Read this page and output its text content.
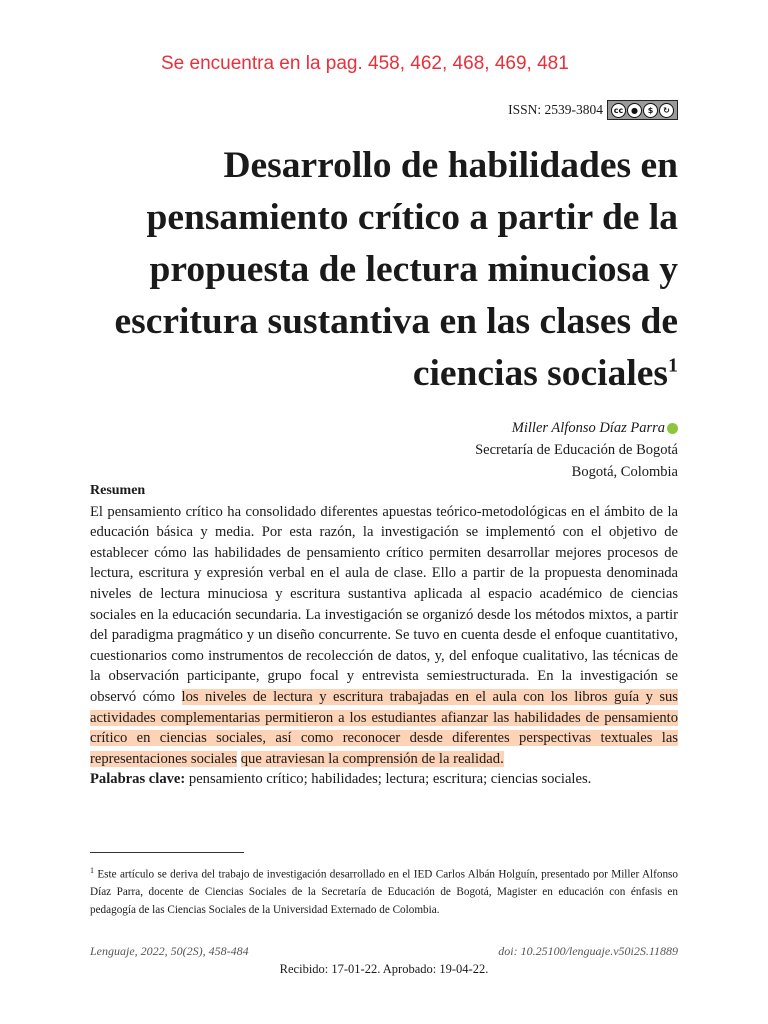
Se encuentra en la pag. 458, 462, 468, 469, 481
ISSN: 2539-3804	cc ●	$	↻
Desarrollo de habilidades en pensamiento crítico a partir de la propuesta de lectura minuciosa y escritura sustantiva en las clases de ciencias sociales$^1$
Miller Alfonso Díaz Parra
Secretaría de Educación de Bogotá
Bogotá, Colombia

Resumen

El pensamiento crítico ha consolidado diferentes apuestas teórico-metodológicas en el ámbito de la educación básica y media. Por esta razón, la investigación se implementó con el objetivo de establecer cómo las habilidades de pensamiento crítico permiten desarrollar mejores procesos de lectura, escritura y expresión verbal en el aula de clase. Ello a partir de la propuesta denominada niveles de lectura minuciosa y escritura sustantiva aplicada al espacio académico de ciencias sociales en la educación secundaria. La investigación se organizó desde los métodos mixtos, a partir del paradigma pragmático y un diseño concurrente. Se tuvo en cuenta desde el enfoque cuantitativo, cuestionarios como instrumentos de recolección de datos, y, del enfoque cualitativo, las técnicas de la observación participante, grupo focal y entrevista semiestructurada. En la investigación se observó cómo los niveles de lectura y escritura trabajadas en el aula con los libros guía y sus actividades complementarias permitieron a los estudiantes afianzar las habilidades de pensamiento crítico en ciencias sociales, así como reconocer desde diferentes perspectivas textuales las representaciones sociales que atraviesan la comprensión de la realidad.

Palabras clave: pensamiento crítico; habilidades; lectura; escritura; ciencias sociales.

$^1$ Este artículo se deriva del trabajo de investigación desarrollado en el IED Carlos Albán Holguín, presentado por Miller Alfonso Díaz Parra, docente de Ciencias Sociales de la Secretaría de Educación de Bogotá, Magister en educación con énfasis en pedagogía de las Ciencias Sociales de la Universidad Externado de Colombia.
Lenguaje, 2022, 50(2S), 458-484	doi: 10.25100/lenguaje.v50i2S.11889
Recibido: 17-01-22. Aprobado: 19-04-22.
